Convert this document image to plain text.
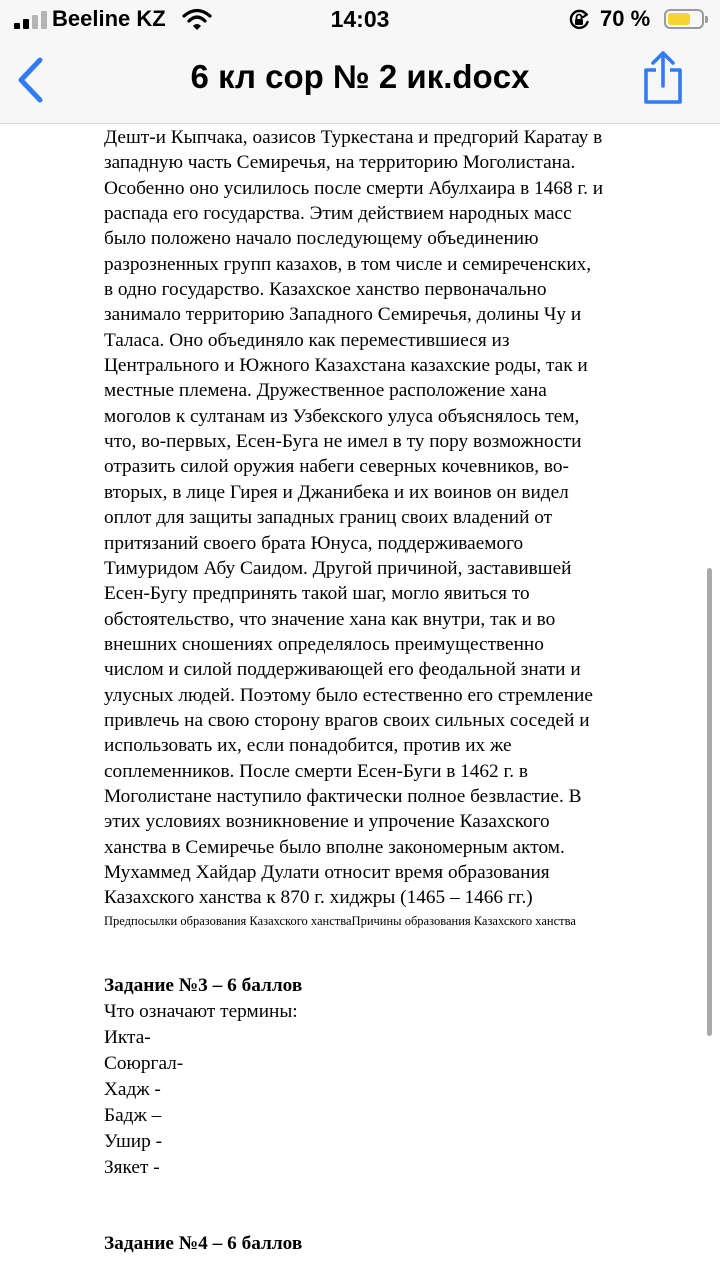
Beeline KZ	14:03	70 %
6 кл сор № 2 ик.docx

Дешт-и Кыпчака, оазисов Туркестана и предгорий Каратау в

западную часть Семиречья, на территорию Моголистана.

Особенно оно усилилось после смерти Абулхаира в 1468 г. и

распада его государства. Этим действием народных масс

было положено начало последующему объединению

разрозненных групп казахов, в том числе и семиреченских,

в одно государство. Казахское ханство первоначально

занимало территорию Западного Семиречья, долины Чу и

Таласа. Оно объединяло как переместившиеся из

Центрального и Южного Казахстана казахские роды, так и

местные племена. Дружественное расположение хана

моголов к султанам из Узбекского улуса объяснялось тем,

что, во-первых, Есен-Буга не имел в ту пору возможности

отразить силой оружия набеги северных кочевников, во-

вторых, в лице Гирея и Джанибека и их воинов он видел

оплот для защиты западных границ своих владений от

притязаний своего брата Юнуса, поддерживаемого

Тимуридом Абу Саидом. Другой причиной, заставившей

Есен-Бугу предпринять такой шаг, могло явиться то

обстоятельство, что значение хана как внутри, так и во

внешних сношениях определялось преимущественно

числом и силой поддерживающей его феодальной знати и

улусных людей. Поэтому было естественно его стремление

привлечь на свою сторону врагов своих сильных соседей и

использовать их, если понадобится, против их же

соплеменников. После смерти Есен-Буги в 1462 г. в

Моголистане наступило фактически полное безвластие. В

этих условиях возникновение и упрочение Казахского

ханства в Семиречье было вполне закономерным актом.

Мухаммед Хайдар Дулати относит время образования

Казахского ханства к 870 г. хиджры (1465 – 1466 гг.)

Предпосылки образования Казахского ханстваПричины образования Казахского ханства

Задание №3 – 6 баллов

Что означают термины:

Икта-

Союргал-

Хадж -

Бадж –

Ушир -

Зякет -

Задание №4 – 6 баллов
